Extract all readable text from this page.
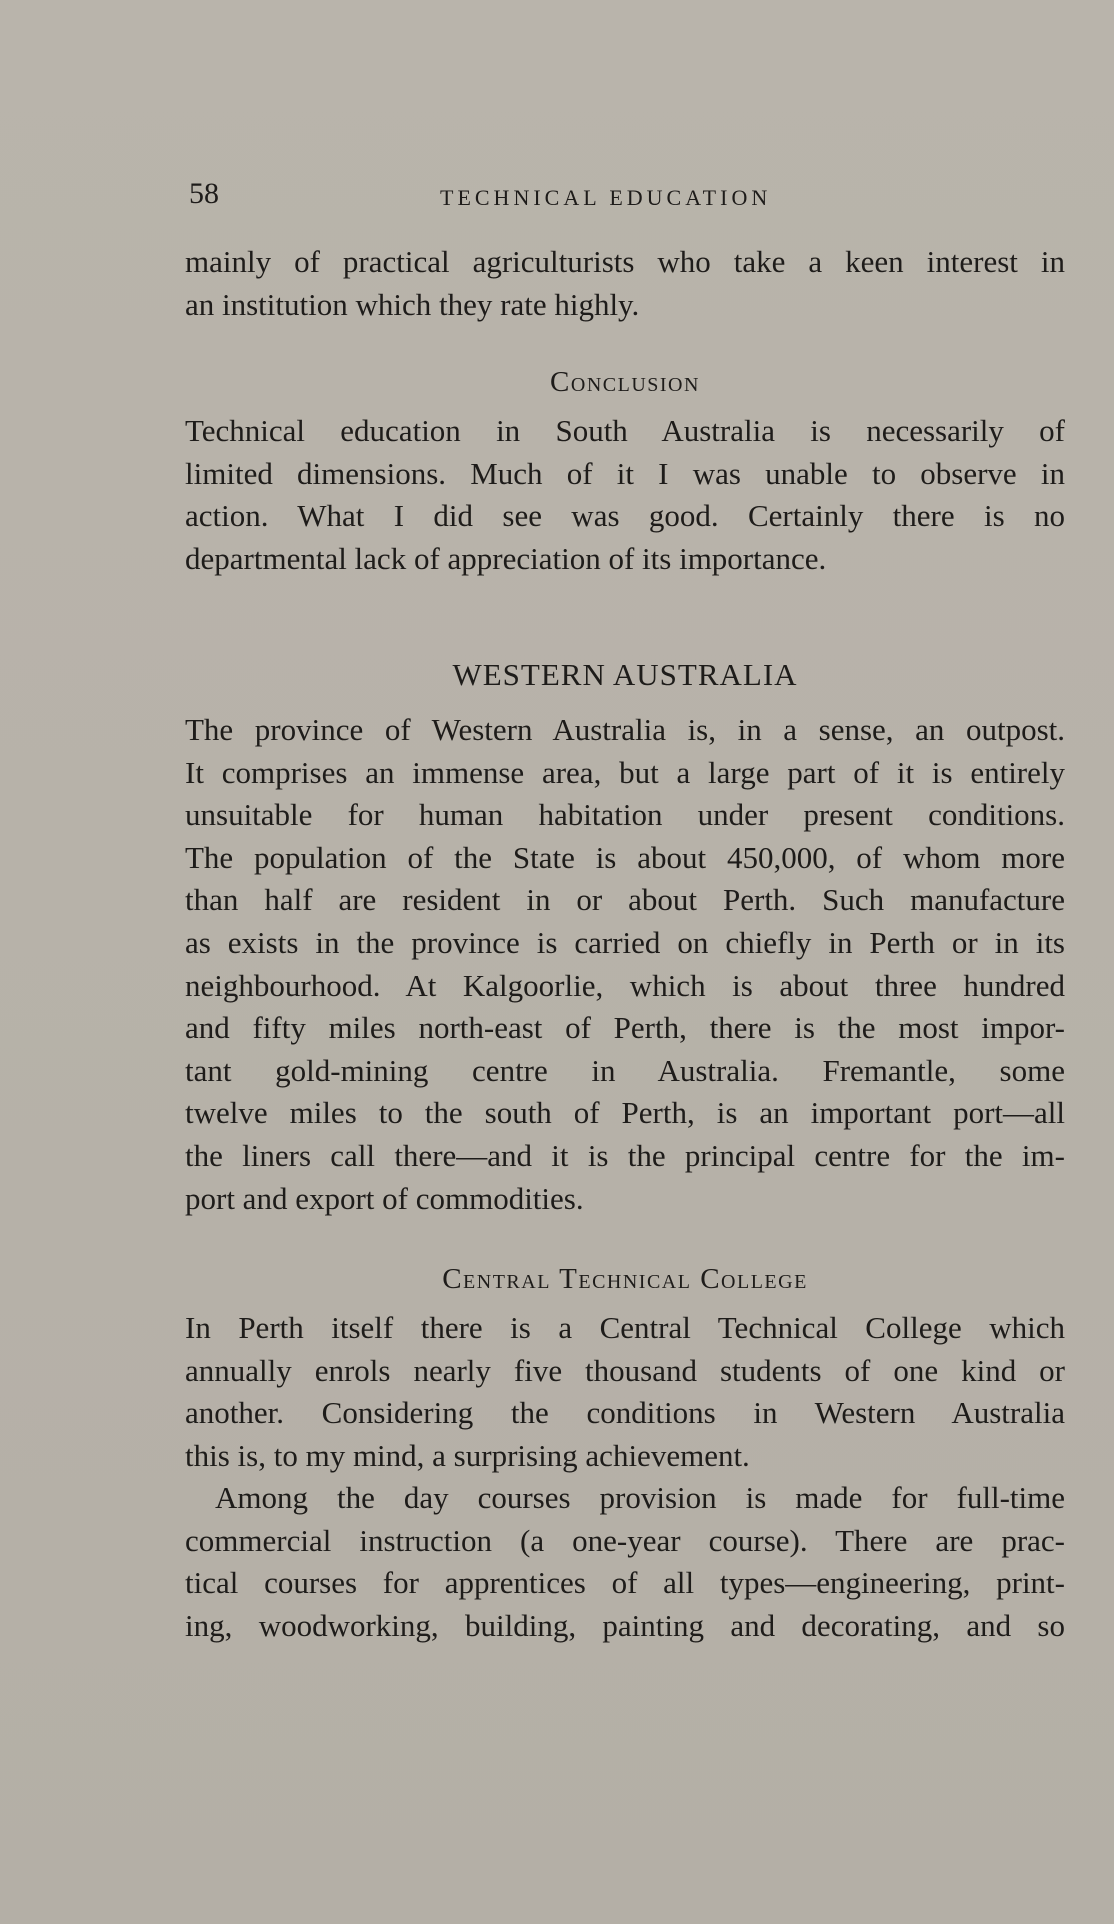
58	TECHNICAL EDUCATION
mainly of practical agriculturists who take a keen interest in
an institution which they rate highly.
Conclusion
Technical education in South Australia is necessarily of
limited dimensions. Much of it I was unable to observe in
action. What I did see was good. Certainly there is no
departmental lack of appreciation of its importance.
WESTERN AUSTRALIA
The province of Western Australia is, in a sense, an outpost.
It comprises an immense area, but a large part of it is entirely
unsuitable for human habitation under present conditions.
The population of the State is about 450,000, of whom more
than half are resident in or about Perth. Such manufacture
as exists in the province is carried on chiefly in Perth or in its
neighbourhood. At Kalgoorlie, which is about three hundred
and fifty miles north-east of Perth, there is the most impor-
tant gold-mining centre in Australia. Fremantle, some
twelve miles to the south of Perth, is an important port—all
the liners call there—and it is the principal centre for the im-
port and export of commodities.
Central Technical College
In Perth itself there is a Central Technical College which
annually enrols nearly five thousand students of one kind or
another. Considering the conditions in Western Australia
this is, to my mind, a surprising achievement.
Among the day courses provision is made for full-time
commercial instruction (a one-year course). There are prac-
tical courses for apprentices of all types—engineering, print-
ing, woodworking, building, painting and decorating, and so
